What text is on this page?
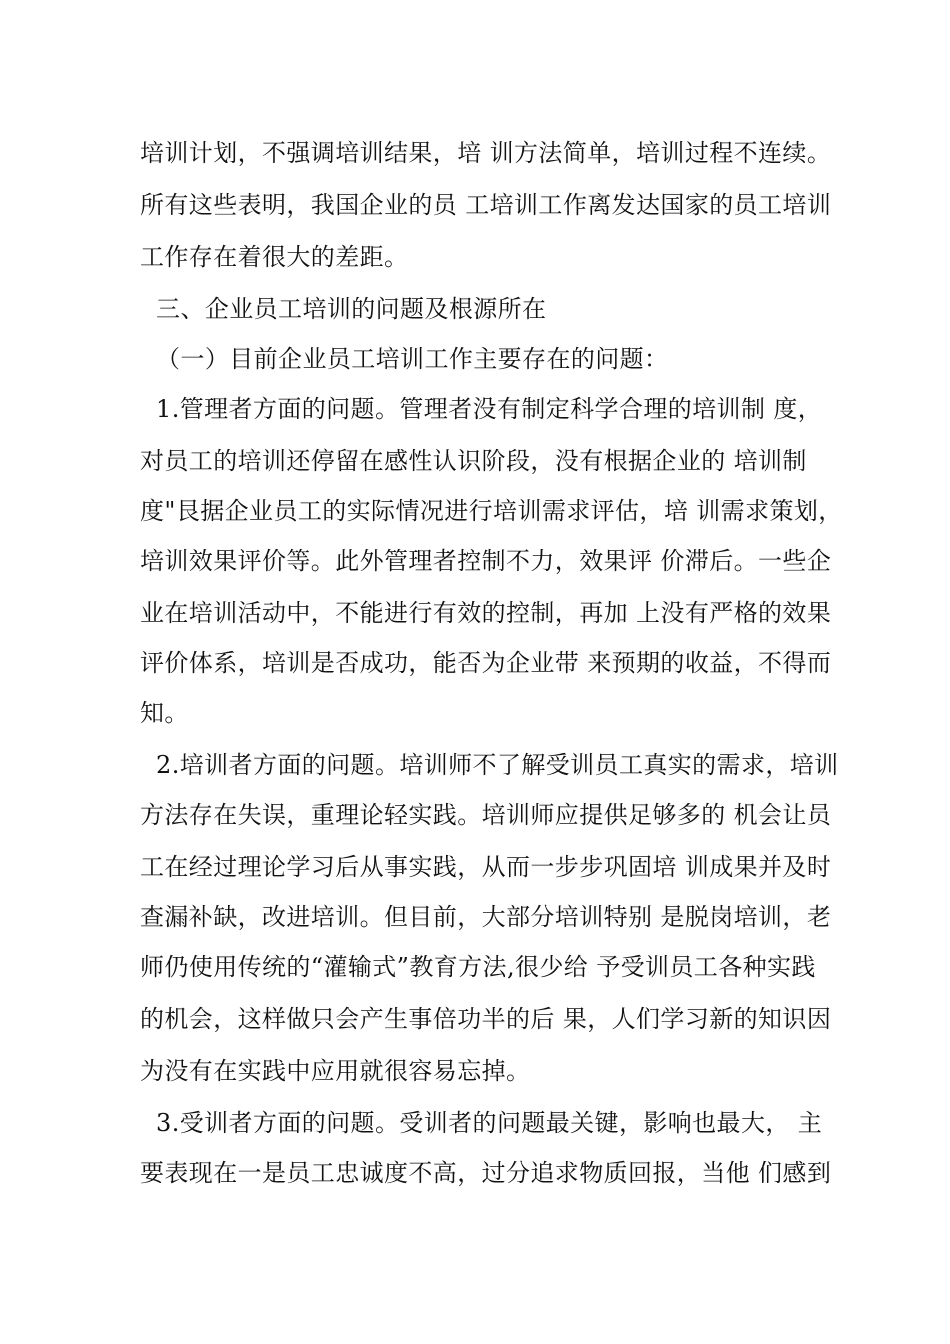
培训计划，不强调培训结果，培 训方法简单，培训过程不连续。
所有这些表明，我国企业的员 工培训工作离发达国家的员工培训
工作存在着很大的差距。
三、企业员工培训的问题及根源所在
（一）目前企业员工培训工作主要存在的问题：
1.管理者方面的问题。管理者没有制定科学合理的培训制 度，
对员工的培训还停留在感性认识阶段，没有根据企业的 培训制
度"艮据企业员工的实际情况进行培训需求评估，培 训需求策划，
培训效果评价等。此外管理者控制不力，效果评 价滞后。一些企
业在培训活动中，不能进行有效的控制，再加 上没有严格的效果
评价体系，培训是否成功，能否为企业带 来预期的收益，不得而
知。
2.培训者方面的问题。培训师不了解受训员工真实的需求，培训
方法存在失误，重理论轻实践。培训师应提供足够多的 机会让员
工在经过理论学习后从事实践，从而一步步巩固培 训成果并及时
查漏补缺，改进培训。但目前，大部分培训特别 是脱岗培训，老
师仍使用传统的“灌输式”教育方法,很少给 予受训员工各种实践
的机会，这样做只会产生事倍功半的后 果，人们学习新的知识因
为没有在实践中应用就很容易忘掉。
3.受训者方面的问题。受训者的问题最关键，影响也最大， 主
要表现在一是员工忠诚度不高，过分追求物质回报，当他 们感到
